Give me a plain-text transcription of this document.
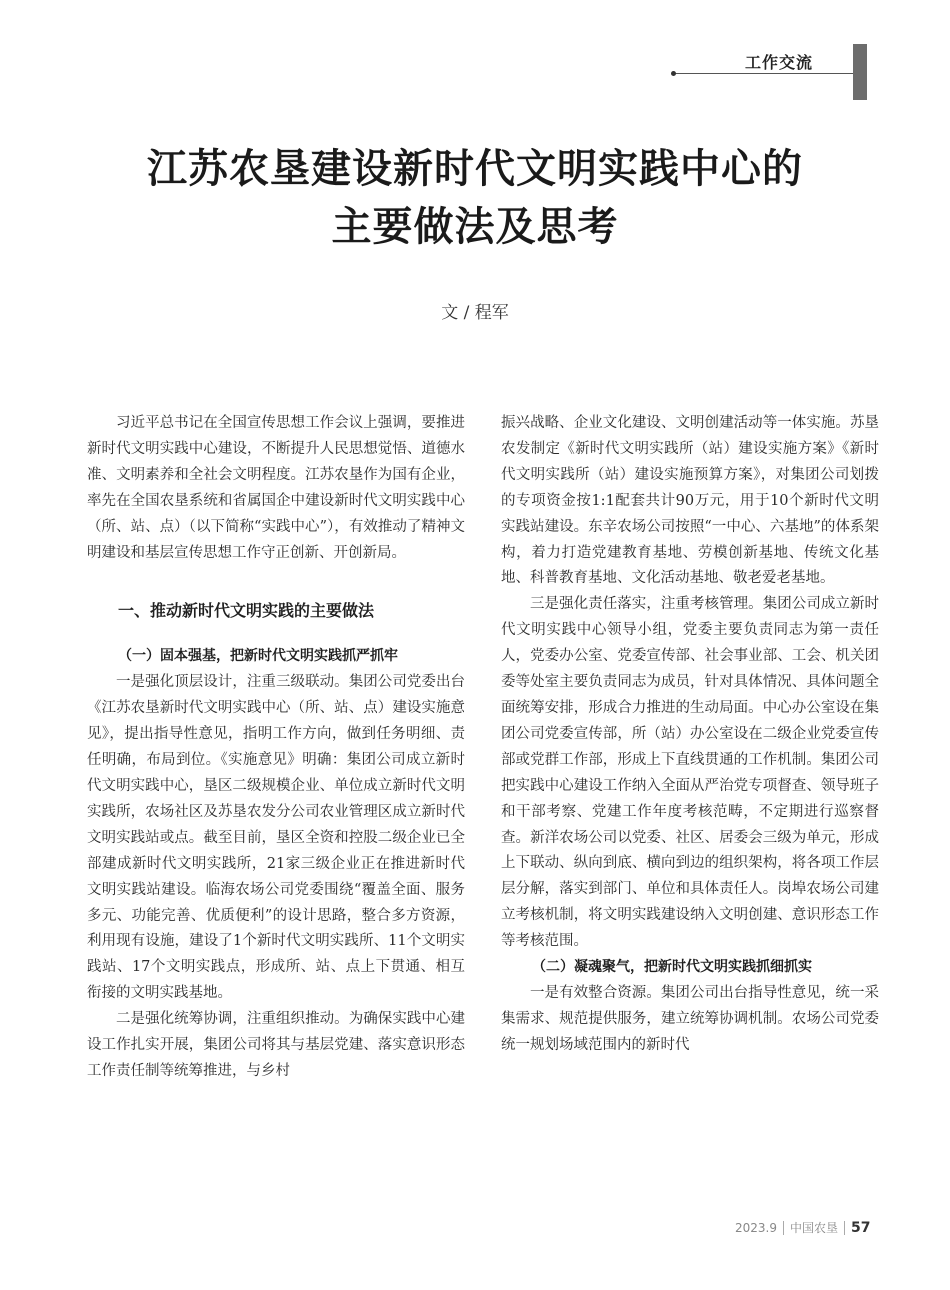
工作交流
江苏农垦建设新时代文明实践中心的
主要做法及思考
文 / 程军

习近平总书记在全国宣传思想工作会议上强调，要推进新时代文明实践中心建设，不断提升人民思想觉悟、道德水准、文明素养和全社会文明程度。江苏农垦作为国有企业，率先在全国农垦系统和省属国企中建设新时代文明实践中心（所、站、点）（以下简称“实践中心”），有效推动了精神文明建设和基层宣传思想工作守正创新、开创新局。

一、推动新时代文明实践的主要做法
（一）固本强基，把新时代文明实践抓严抓牢

一是强化顶层设计，注重三级联动。集团公司党委出台《江苏农垦新时代文明实践中心（所、站、点）建设实施意见》，提出指导性意见，指明工作方向，做到任务明细、责任明确，布局到位。《实施意见》明确：集团公司成立新时代文明实践中心，垦区二级规模企业、单位成立新时代文明实践所，农场社区及苏垦农发分公司农业管理区成立新时代文明实践站或点。截至目前，垦区全资和控股二级企业已全部建成新时代文明实践所，21家三级企业正在推进新时代文明实践站建设。临海农场公司党委围绕“覆盖全面、服务多元、功能完善、优质便利”的设计思路，整合多方资源，利用现有设施，建设了1个新时代文明实践所、11个文明实践站、17个文明实践点，形成所、站、点上下贯通、相互衔接的文明实践基地。

二是强化统筹协调，注重组织推动。为确保实践中心建设工作扎实开展，集团公司将其与基层党建、落实意识形态工作责任制等统筹推进，与乡村

振兴战略、企业文化建设、文明创建活动等一体实施。苏垦农发制定《新时代文明实践所（站）建设实施方案》《新时代文明实践所（站）建设实施预算方案》，对集团公司划拨的专项资金按1:1配套共计90万元，用于10个新时代文明实践站建设。东辛农场公司按照“一中心、六基地”的体系架构，着力打造党建教育基地、劳模创新基地、传统文化基地、科普教育基地、文化活动基地、敬老爱老基地。

三是强化责任落实，注重考核管理。集团公司成立新时代文明实践中心领导小组，党委主要负责同志为第一责任人，党委办公室、党委宣传部、社会事业部、工会、机关团委等处室主要负责同志为成员，针对具体情况、具体问题全面统筹安排，形成合力推进的生动局面。中心办公室设在集团公司党委宣传部，所（站）办公室设在二级企业党委宣传部或党群工作部，形成上下直线贯通的工作机制。集团公司把实践中心建设工作纳入全面从严治党专项督查、领导班子和干部考察、党建工作年度考核范畴，不定期进行巡察督查。新洋农场公司以党委、社区、居委会三级为单元，形成上下联动、纵向到底、横向到边的组织架构，将各项工作层层分解，落实到部门、单位和具体责任人。岗埠农场公司建立考核机制，将文明实践建设纳入文明创建、意识形态工作等考核范围。

（二）凝魂聚气，把新时代文明实践抓细抓实

一是有效整合资源。集团公司出台指导性意见，统一采集需求、规范提供服务，建立统筹协调机制。农场公司党委统一规划场域范围内的新时代

2023.9 中国农垦 57
